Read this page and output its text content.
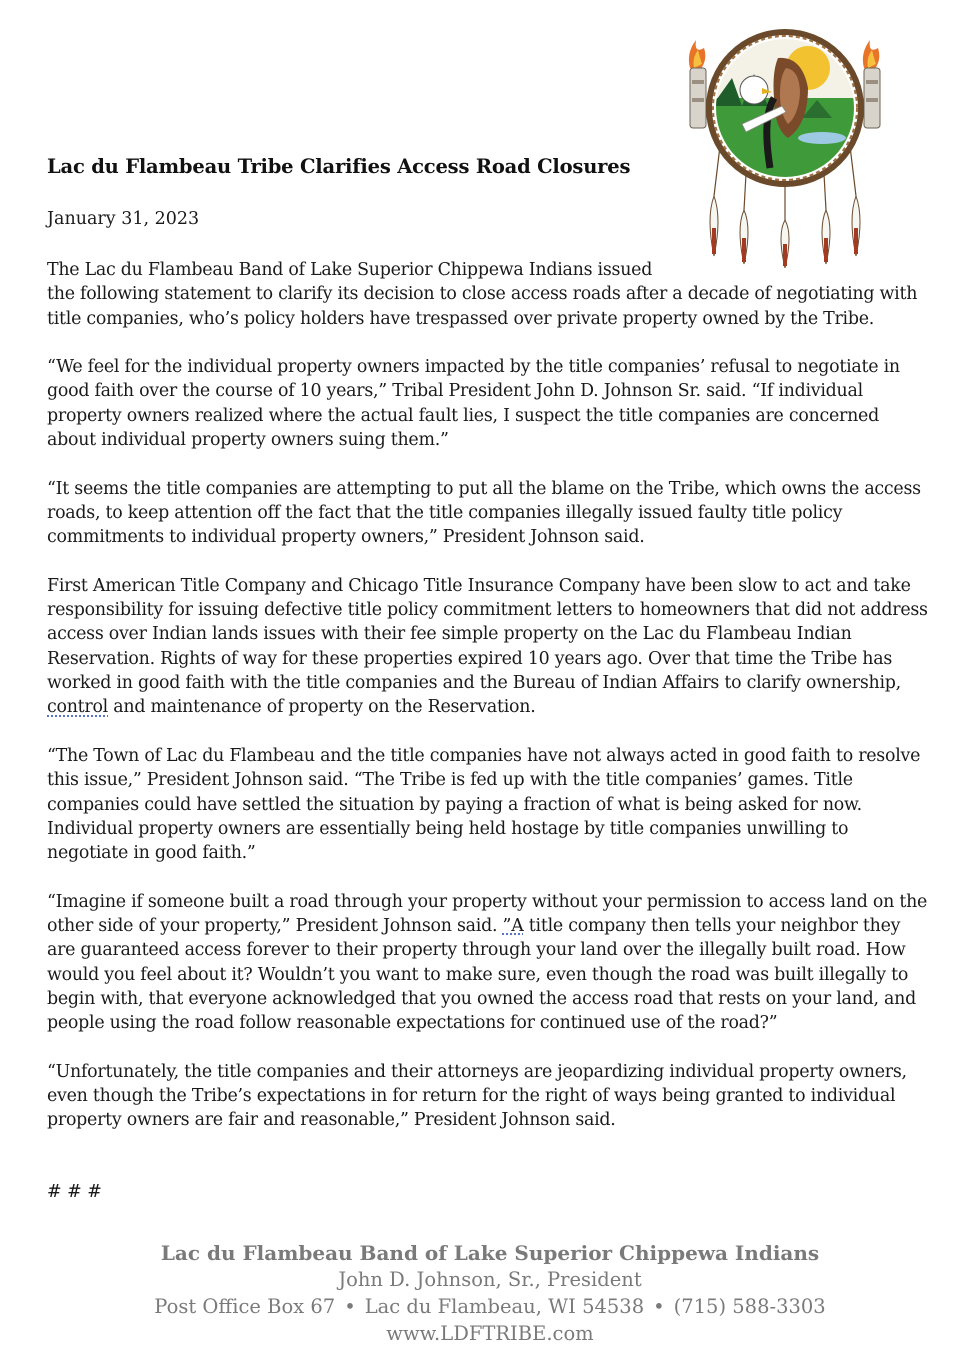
Lac du Flambeau Tribe Clarifies Access Road Closures

January 31, 2023

The Lac du Flambeau Band of Lake Superior Chippewa Indians issued
the following statement to clarify its decision to close access roads after a decade of negotiating with title companies, who’s policy holders have trespassed over private property owned by the Tribe.

“We feel for the individual property owners impacted by the title companies’ refusal to negotiate in good faith over the course of 10 years,” Tribal President John D. Johnson Sr. said. “If individual property owners realized where the actual fault lies, I suspect the title companies are concerned about individual property owners suing them.”

“It seems the title companies are attempting to put all the blame on the Tribe, which owns the access roads, to keep attention off the fact that the title companies illegally issued faulty title policy commitments to individual property owners,” President Johnson said.

First American Title Company and Chicago Title Insurance Company have been slow to act and take responsibility for issuing defective title policy commitment letters to homeowners that did not address access over Indian lands issues with their fee simple property on the Lac du Flambeau Indian Reservation. Rights of way for these properties expired 10 years ago. Over that time the Tribe has worked in good faith with the title companies and the Bureau of Indian Affairs to clarify ownership, control and maintenance of property on the Reservation.

“The Town of Lac du Flambeau and the title companies have not always acted in good faith to resolve this issue,” President Johnson said. “The Tribe is fed up with the title companies’ games. Title companies could have settled the situation by paying a fraction of what is being asked for now. Individual property owners are essentially being held hostage by title companies unwilling to negotiate in good faith.”

“Imagine if someone built a road through your property without your permission to access land on the other side of your property,” President Johnson said. ”A title company then tells your neighbor they are guaranteed access forever to their property through your land over the illegally built road. How would you feel about it? Wouldn’t you want to make sure, even though the road was built illegally to begin with, that everyone acknowledged that you owned the access road that rests on your land, and people using the road follow reasonable expectations for continued use of the road?”

“Unfortunately, the title companies and their attorneys are jeopardizing individual property owners, even though the Tribe’s expectations in for return for the right of ways being granted to individual property owners are fair and reasonable,” President Johnson said.

# # #

Lac du Flambeau Band of Lake Superior Chippewa Indians

John D. Johnson, Sr., President

Post Office Box 67 • Lac du Flambeau, WI 54538 • (715) 588-3303

www.LDFTRIBE.com
